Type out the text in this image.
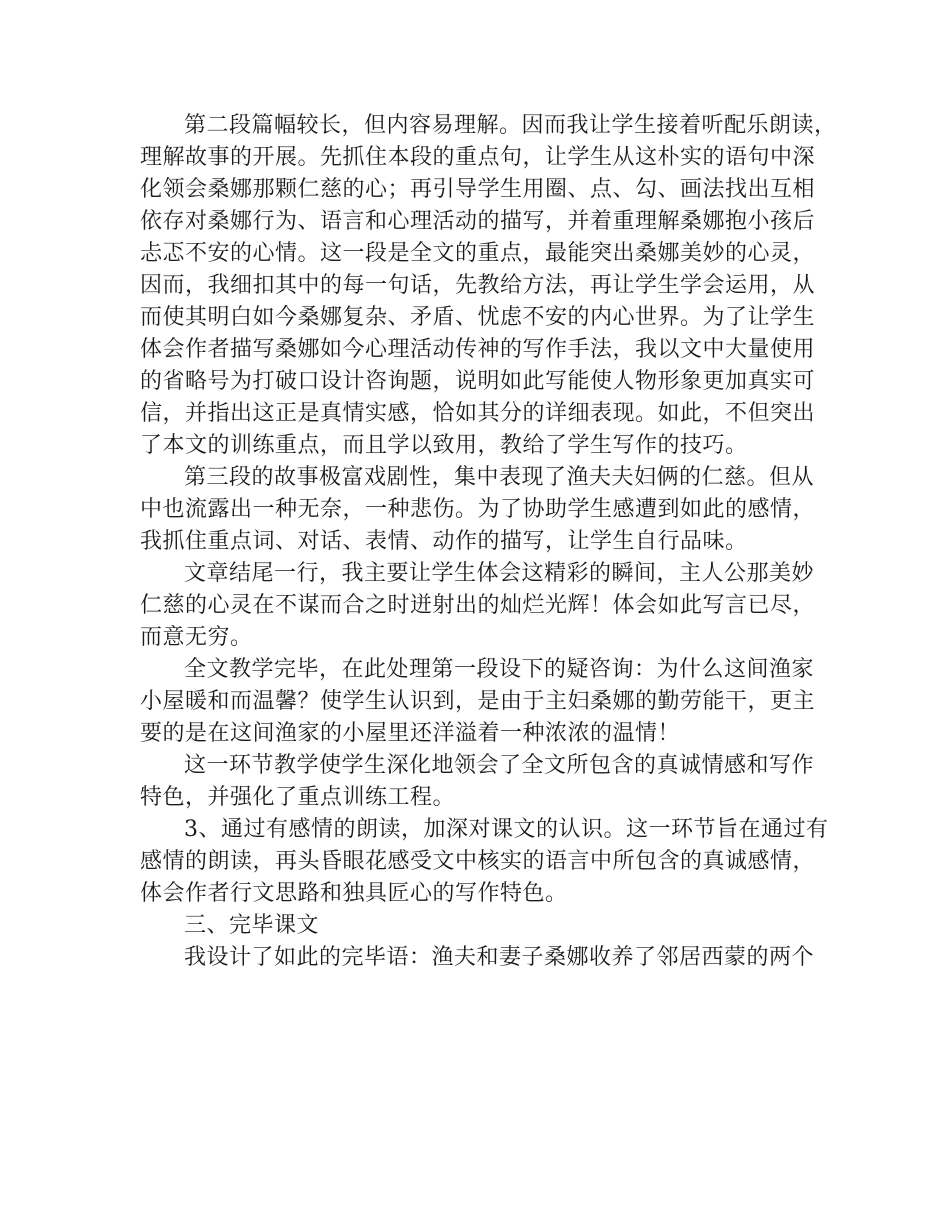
第二段篇幅较长，但内容易理解。因而我让学生接着听配乐朗读，
理解故事的开展。先抓住本段的重点句，让学生从这朴实的语句中深
化领会桑娜那颗仁慈的心；再引导学生用圈、点、勾、画法找出互相
依存对桑娜行为、语言和心理活动的描写，并着重理解桑娜抱小孩后
忐忑不安的心情。这一段是全文的重点，最能突出桑娜美妙的心灵，
因而，我细扣其中的每一句话，先教给方法，再让学生学会运用，从
而使其明白如今桑娜复杂、矛盾、忧虑不安的内心世界。为了让学生
体会作者描写桑娜如今心理活动传神的写作手法，我以文中大量使用
的省略号为打破口设计咨询题，说明如此写能使人物形象更加真实可
信，并指出这正是真情实感，恰如其分的详细表现。如此，不但突出
了本文的训练重点，而且学以致用，教给了学生写作的技巧。
第三段的故事极富戏剧性，集中表现了渔夫夫妇俩的仁慈。但从
中也流露出一种无奈，一种悲伤。为了协助学生感遭到如此的感情，
我抓住重点词、对话、表情、动作的描写，让学生自行品味。
文章结尾一行，我主要让学生体会这精彩的瞬间，主人公那美妙
仁慈的心灵在不谋而合之时迸射出的灿烂光辉！体会如此写言已尽，
而意无穷。
全文教学完毕，在此处理第一段设下的疑咨询：为什么这间渔家
小屋暖和而温馨？使学生认识到，是由于主妇桑娜的勤劳能干，更主
要的是在这间渔家的小屋里还洋溢着一种浓浓的温情！
这一环节教学使学生深化地领会了全文所包含的真诚情感和写作
特色，并强化了重点训练工程。
3、通过有感情的朗读，加深对课文的认识。这一环节旨在通过有
感情的朗读，再头昏眼花感受文中核实的语言中所包含的真诚感情，
体会作者行文思路和独具匠心的写作特色。
三、完毕课文
我设计了如此的完毕语：渔夫和妻子桑娜收养了邻居西蒙的两个
